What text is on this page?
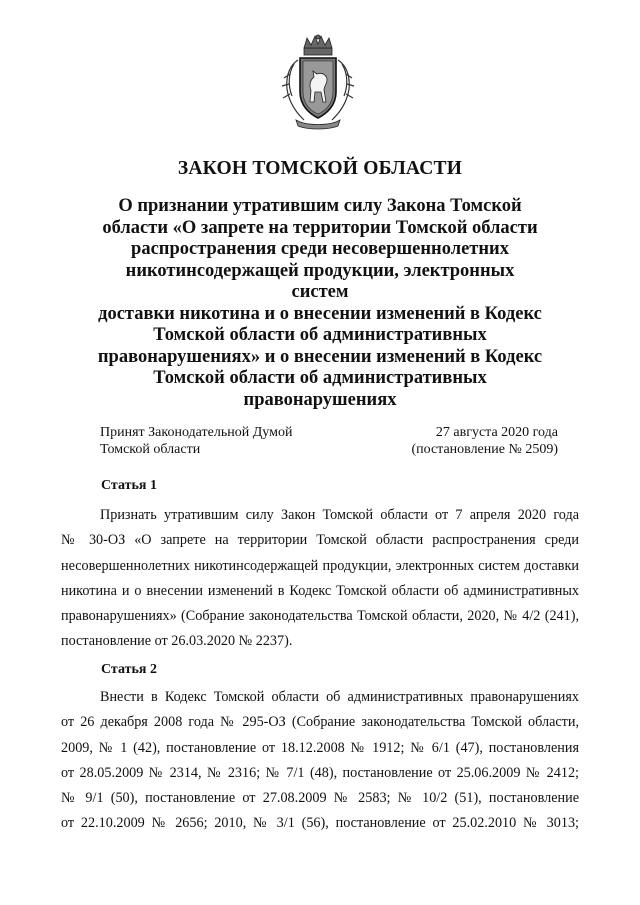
ЗАКОН ТОМСКОЙ ОБЛАСТИ
О признании утратившим силу Закона Томской
области «О запрете на территории Томской области
распространения среди несовершеннолетних
никотинсодержащей продукции, электронных систем
доставки никотина и о внесении изменений в Кодекс
Томской области об административных
правонарушениях» и о внесении изменений в Кодекс
Томской области об административных
правонарушениях
Принят Законодательной Думой
Томской области
27 августа 2020 года
(постановление № 2509)
Статья 1
Признать утратившим силу Закон Томской области от 7 апреля 2020 года
№ 30-ОЗ «О запрете на территории Томской области распространения среди
несовершеннолетних никотинсодержащей продукции, электронных систем доставки
никотина и о внесении изменений в Кодекс Томской области об административных
правонарушениях» (Собрание законодательства Томской области, 2020, № 4/2 (241),
постановление от 26.03.2020 № 2237).
Статья 2
Внести в Кодекс Томской области об административных правонарушениях
от 26 декабря 2008 года № 295-ОЗ (Собрание законодательства Томской области,
2009, № 1 (42), постановление от 18.12.2008 № 1912; № 6/1 (47), постановления
от 28.05.2009 № 2314, № 2316; № 7/1 (48), постановление от 25.06.2009 № 2412;
№ 9/1 (50), постановление от 27.08.2009 № 2583; № 10/2 (51), постановление
от 22.10.2009 № 2656; 2010, № 3/1 (56), постановление от 25.02.2010 № 3013;
